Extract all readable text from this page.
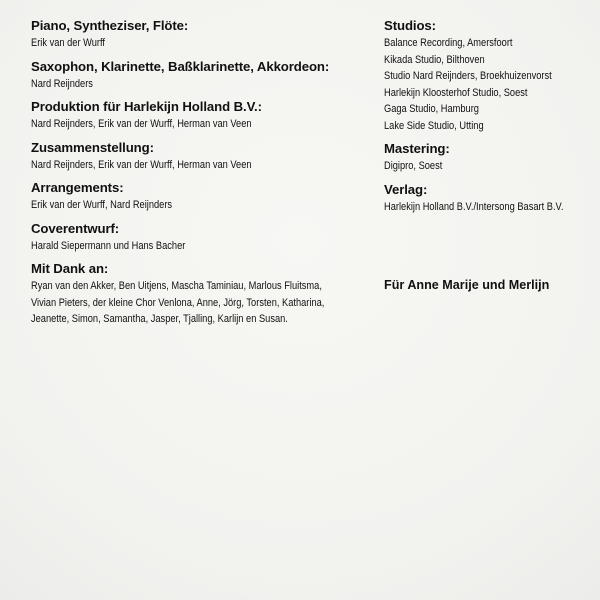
Piano, Syntheziser, Flöte:
Erik van der Wurff
Saxophon, Klarinette, Baßklarinette, Akkordeon:
Nard Reijnders
Produktion für Harlekijn Holland B.V.:
Nard Reijnders, Erik van der Wurff, Herman van Veen
Zusammenstellung:
Nard Reijnders, Erik van der Wurff, Herman van Veen
Arrangements:
Erik van der Wurff, Nard Reijnders
Coverentwurf:
Harald Siepermann und Hans Bacher
Mit Dank an:
Ryan van den Akker, Ben Uitjens, Mascha Taminiau, Marlous Fluitsma,
Vivian Pieters, der kleine Chor Venlona, Anne, Jörg, Torsten, Katharina,
Jeanette, Simon, Samantha, Jasper, Tjalling, Karlijn en Susan.
Studios:
Balance Recording, Amersfoort
Kikada Studio, Bilthoven
Studio Nard Reijnders, Broekhuizenvorst
Harlekijn Kloosterhof Studio, Soest
Gaga Studio, Hamburg
Lake Side Studio, Utting
Mastering:
Digipro, Soest
Verlag:
Harlekijn Holland B.V./Intersong Basart B.V.
Für Anne Marije und Merlijn
